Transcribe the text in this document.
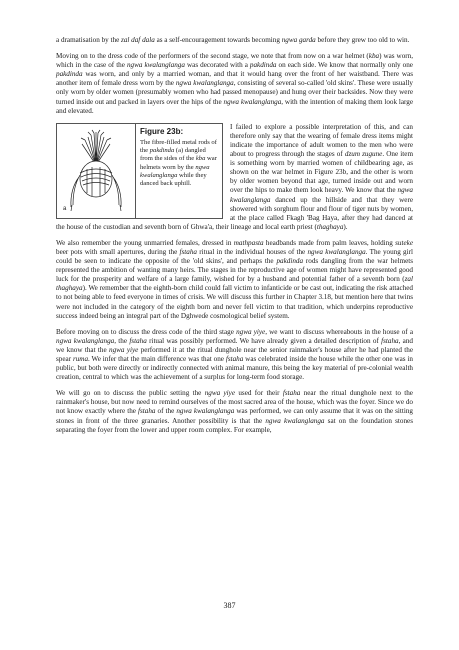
a dramatisation by the zal daf dala as a self-encouragement towards becoming ngwa garda before they grew too old to win.

Moving on to the dress code of the performers of the second stage, we note that from now on a war helmet (kba) was worn, which in the case of the ngwa kwalanglanga was decorated with a pakdinda on each side. We know that normally only one pakdinda was worn, and only by a married woman, and that it would hang over the front of her waistband. There was another item of female dress worn by the ngwa kwalanglanga, consisting of several so-called 'old skins'. These were usually only worn by older women (presumably women who had passed menopause) and hung over their backsides. Now they were turned inside out and packed in layers over the hips of the ngwa kwalanglanga, with the intention of making them look large and elevated.

a
Figure 23b:

The fibre-filled metal rods of the pakdinda (a) dangled from the sides of the kba war helmets worn by the ngwa kwalanglanga while they danced back uphill.

I failed to explore a possible interpretation of this, and can therefore only say that the wearing of female dress items might indicate the importance of adult women to the men who were about to progress through the stages of dzum zugune. One item is something worn by married women of childbearing age, as shown on the war helmet in Figure 23b, and the other is worn by older women beyond that age, turned inside out and worn over the hips to make them look heavy. We know that the ngwa kwalanglanga danced up the hillside and that they were showered with sorghum flour and flour of tiger nuts by women, at the place called Fkagh 'Bag Haya, after they had danced at the house of the custodian and seventh born of Ghwa'a, their lineage and local earth priest (thaghaya).

We also remember the young unmarried females, dressed in mathpasta headbands made from palm leaves, holding suteke beer pots with small apertures, during the fstaha ritual in the individual houses of the ngwa kwalanglanga. The young girl could be seen to indicate the opposite of the 'old skins', and perhaps the pakdinda rods dangling from the war helmets represented the ambition of wanting many heirs. The stages in the reproductive age of women might have represented good luck for the prosperity and welfare of a large family, wished for by a husband and potential father of a seventh born (zal thaghaya). We remember that the eighth-born child could fall victim to infanticide or be cast out, indicating the risk attached to not being able to feed everyone in times of crisis. We will discuss this further in Chapter 3.18, but mention here that twins were not included in the category of the eighth born and never fell victim to that tradition, which underpins reproductive success indeed being an integral part of the Dghweɗe cosmological belief system.

Before moving on to discuss the dress code of the third stage ngwa yiye, we want to discuss whereabouts in the house of a ngwa kwalanglanga, the fstaha ritual was possibly performed. We have already given a detailed description of fstaha, and we know that the ngwa yiye performed it at the ritual dunghole near the senior rainmaker's house after he had planted the spear ruma. We infer that the main difference was that one fstaha was celebrated inside the house while the other one was in public, but both were directly or indirectly connected with animal manure, this being the key material of pre-colonial wealth creation, central to which was the achievement of a surplus for long-term food storage.

We will go on to discuss the public setting the ngwa yiye used for their fstaha near the ritual dunghole next to the rainmaker's house, but now need to remind ourselves of the most sacred area of the house, which was the foyer. Since we do not know exactly where the fstaha of the ngwa kwalanglanga was performed, we can only assume that it was on the sitting stones in front of the three granaries. Another possibility is that the ngwa kwalanglanga sat on the foundation stones separating the foyer from the lower and upper room complex. For example,

387
